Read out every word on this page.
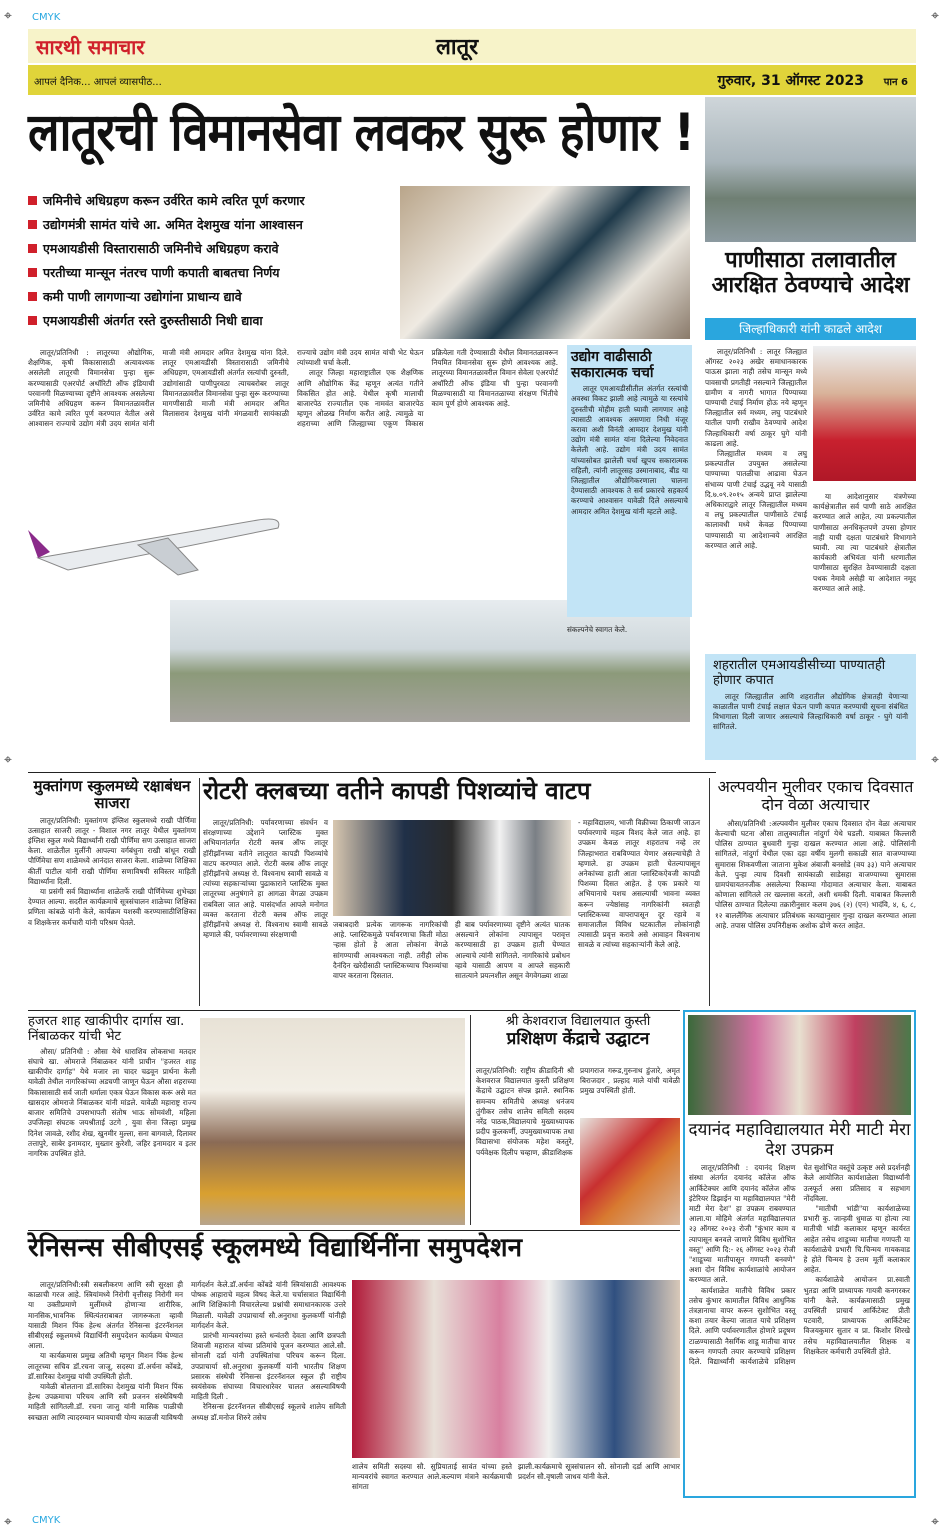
⌖ CMYK	⌖
⌖	⌖
⌖ CMYK	⌖
सारथी समाचार	लातूर
आपलं दैनिक... आपलं व्यासपीठ...	गुरुवार, 31 ऑगस्ट 2023 पान 6
लातूरची विमानसेवा लवकर सुरू होणार !
जमिनीचे अधिग्रहण करून उर्वरित कामे त्वरित पूर्ण करणार
उद्योगमंत्री सामंत यांचे आ. अमित देशमुख यांना आश्वासन
एमआयडीसी विस्तारासाठी जमिनीचे अधिग्रहण करावे
परतीच्या मान्सून नंतरच पाणी कपाती बाबतचा निर्णय
कमी पाणी लागणाऱ्या उद्योगांना प्राधान्य द्यावे
एमआयडीसी अंतर्गत रस्ते दुरुस्तीसाठी निधी द्यावा

लातूर/प्रतिनिधी : लातूरच्या औद्योगिक, शैक्षणिक, कृषी विकासासाठी अत्यावश्यक असलेली लातूरची विमानसेवा पुन्हा सुरू करण्यासाठी एअरपोर्ट अथॉरिटी ऑफ इंडियाची परवानगी मिळण्याच्या दृष्टीने आवश्यक असलेल्या जमिनीचे अधिग्रहण करून विमानतळावरील उर्वरित कामे त्वरित पूर्ण करण्यात येतील असे आश्वासन राज्याचे उद्योग मंत्री उदय सामंत यांनी माजी मंत्री आमदार अमित देशमुख यांना दिले. लातूर एमआयडीसी विस्तारासाठी जमिनीचे अधिग्रहण, एमआयडीसी अंतर्गत रस्त्यांची दुरुस्ती, उद्योगांसाठी पाणीपुरवठा त्याचबरोबर लातूर विमानतळावरील विमानसेवा पुन्हा सुरू करण्याच्या मागणीसाठी माजी मंत्री आमदार अमित विलासराव देशमुख यांनी मंगळवारी सायंकाळी राज्याचे उद्योग मंत्री उदय सामंत यांची भेट घेऊन त्यांच्याशी चर्चा केली.

लातूर जिल्हा महाराष्ट्रातील एक शैक्षणिक आणि औद्योगिक केंद्र म्हणून अत्यंत गतीने विकसित होत आहे. येथील कृषी मालाची बाजारपेठ राज्यातील एक नामवंत बाजारपेठ म्हणून ओळख निर्माण करीत आहे. त्यामुळे या शहराच्या आणि जिल्ह्याच्या एकूण विकास प्रक्रियेला गती देण्यासाठी येथील विमानतळावरून नियमित विमानसेवा सुरू होणे आवश्यक आहे. लातूरच्या विमानतळावरील विमान सेवेला एअरपोर्ट अथॉरिटी ऑफ इंडिया ची पुन्हा परवानगी मिळण्यासाठी या विमानतळाच्या संरक्षण भिंतीचे काम पूर्ण होणे आवश्यक आहे.

उद्योग वाढीसाठी सकारात्मक चर्चा

लातूर एमआयडीसीतील अंतर्गत रस्त्यांची अवस्था विकट झाली आहे त्यामुळे या रस्त्यांचे दुरुस्तीची मोहीम हाती घ्यावी लागणार आहे त्यासाठी आवश्यक असणारा निधी मंजूर करावा अशी विनंती आमदार देशमुख यांनी उद्योग मंत्री सामंत यांना दिलेल्या निवेदनात केलेली आहे. उद्योग मंत्री उदय सामंत यांच्यासोबत झालेली चर्चा खूपच सकारात्मक राहिली, त्यांनी लातूरसह उस्मानाबाद, बीड या जिल्ह्यातील औद्योगिकरणाला चालना देण्यासाठी आवश्यक ते सर्व प्रकारचे सहकार्य करण्याचे आश्वासन यावेळी दिले असल्याचे आमदार अमित देशमुख यांनी म्हटले आहे.

संकल्पनेचे स्वागत केले.

पाणीसाठा तलावातील आरक्षित ठेवण्याचे आदेश
जिल्हाधिकारी यांनी काढले आदेश

लातूर/प्रतिनिधी : लातूर जिल्ह्यात ऑगस्ट २०२३ अखेर समाधानकारक पाऊस झाला नाही तसेच मान्सून मध्ये पावसाची प्रगतीही नसल्याने जिल्ह्यातील ग्रामीण व नागरी भागात पिण्याच्या पाण्याची टंचाई निर्माण होऊ नये म्हणून जिल्ह्यातील सर्व मध्यम, लघु पाटबंधारे यातील पाणी राखीव ठेवण्याचे आदेश जिल्हाधिकारी वर्षा ठाकूर घुगे यांनी काढला आहे.

जिल्ह्यातील मध्यम व लघु प्रकल्पातील उपयुक्त असलेल्या पाण्याच्या पातळीचा आढावा घेऊन संभाव्य पाणी टंचाई उद्भवू नये यासाठी दि.७.०९.२०१५ अन्वये प्राप्त झालेल्या अधिकाराद्वारे लातूर जिल्ह्यातील मध्यम व लघु प्रकल्पातील पाणीसाठे टंचाई कालावधी मध्ये केवळ पिण्याच्या पाण्यासाठी या आदेशान्वये आरक्षित करण्यात आले आहे.

या आदेशानुसार यंत्रणेच्या कार्यक्षेत्रातील सर्व पाणी साठे आरक्षित करण्यात आले आहेत, त्या प्रकल्पातील पाणीसाठा अनधिकृतपणे उपसा होणार नाही याची दक्षता पाटबंधारे विभागाने घ्यावी. त्या त्या पाटबंधारे क्षेत्रातील कार्यकारी अभियंता यांनी धरणातील पाणीसाठा सुरक्षित ठेवण्यासाठी दक्षता पथक नेमावे असेही या आदेशात नमूद करण्यात आले आहे.

शहरातील एमआयडीसीच्या पाण्यातही होणार कपात

लातूर जिल्ह्यातील आणि शहरातील औद्योगिक क्षेत्रातही येणाऱ्या काळातील पाणी टंचाई लक्षात घेऊन पाणी कपात करण्याची सूचना संबंधित विभागाला दिली जाणार असल्याचे जिल्हाधिकारी वर्षा ठाकूर - घुगे यांनी सांगितले.

मुक्तांगण स्कुलमध्ये रक्षाबंधन साजरा

लातूर/प्रतिनिधी: मुक्तांगण इंग्लिश स्कुलमध्ये राखी पौर्णिमा उत्साहात साजरी लातूर - विशाल नगर लातूर येथील मुक्तांगण इंग्लिश स्कुल मध्ये विद्यार्थ्यांनी राखी पौर्णिमा सण उत्साहात साजरा केला. शाळेतील मुलींनी आपल्या वर्गबंधुना राखी बांधून राखी पौर्णिमेचा सण शाळेमध्ये आनंदात साजरा केला. शाळेच्या शिक्षिका कीर्ती पाटील यांनी राखी पौर्णिमा सणाविषयी सविस्तर माहिती विद्यार्थ्यांना दिली.

या प्रसंगी सर्व विद्यार्थ्यांना शाळेतर्फे राखी पौर्णिमेच्या शुभेच्छा देण्यात आल्या. सदरील कार्यक्रमाचे सूत्रसंचालन शाळेच्या शिक्षिका प्रणिता कांबळे यांनी केले, कार्यक्रम यशस्वी करण्यासाठीशिक्षिका व शिक्षकेत्तर कर्मचारी यांनी परिश्रम घेतले.

रोटरी क्लबच्या वतीने कापडी पिशव्यांचे वाटप

लातूर/प्रतिनिधी: पर्यावरणाच्या संवर्धन व संरक्षणाच्या उद्देशाने प्लास्टिक मुक्त अभियानांतर्गत रोटरी क्लब ऑफ लातूर हॉरीझॉनच्या वतीने लातूरात कापडी पिशव्यांचे वाटप करण्यात आले. रोटरी क्लब ऑफ लातूर हॉरीझॉनचे अध्यक्ष रो. विश्वनाथ स्वामी सावळे व त्यांच्या सहकाऱ्यांच्या पुढाकाराने प्लास्टिक मुक्त लातूरच्या अनुषंगाने हा आगळा वेगळा उपक्रम राबविला जात आहे. यासंदर्भात आपले मनोगत व्यक्त करताना रोटरी क्लब ऑफ लातूर हॉरीझॉनचे अध्यक्ष रो. विश्वनाथ स्वामी सावळे म्हणाले की, पर्यावरणाच्या संरक्षणाची

जबाबदारी प्रत्येक जागरूक नागरिकांची आहे. प्लास्टिकमुळे पर्यावरणाचा किती मोठा ऱ्हास होतो हे आता लोकांना वेगळे सांगण्याची आवश्यकता नाही. तरीही लोक दैनंदिन खरेदीसाठी प्लास्टिकच्याच पिशव्यांचा वापर करताना दिसतात.

ही बाब पर्यावरणाच्या दृष्टीने अत्यंत घातक असल्याने लोकांना त्यापासून परावृत्त करण्यासाठी हा उपक्रम हाती घेण्यात आल्याचे त्यांनी सांगितले. नागरिकांचे प्रबोधन व्हावे यासाठी आपण व आपले सहकारी सातत्याने प्रयत्नशील असून वेगवेगळ्या शाळा

- महाविद्यालय, भाजी विक्रीच्या ठिकाणी जाऊन पर्यावरणाचे महत्व विशद केले जात आहे. हा उपक्रम केवळ लातूर शहरातच नव्हे तर जिल्हाभरात राबविण्यात येणार असल्याचेही ते म्हणाले. हा उपक्रम हाती घेतल्यापासून अनेकांच्या हाती आता प्लास्टिकऐवजी कापडी पिशव्या दिसत आहेत. हे एक प्रकारे या अभियानाचे यशच असल्याची भावना व्यक्त करून ज्येष्ठांसह नागरिकांनी स्वतःही प्लास्टिकच्या वापरापासून दूर रहावे व समाजातील विविध घटकातील लोकांनाही त्यासाठी प्रवृत्त करावे असे आवाहन विश्वनाथ सावळे व त्यांच्या सहकाऱ्यांनी केले आहे.

अल्पवयीन मुलीवर एकाच दिवसात दोन वेळा अत्याचार

औसा/प्रतिनिधी :अल्पवयीन मुलीवर एकाच दिवसात दोन वेळा अत्याचार केल्याची घटना औसा तालुक्यातील नांदुर्गा येथे घडली. याबाबत किल्लारी पोलिस ठाण्यात बुधवारी गुन्हा दाखल करण्यात आला आहे. पोलिसांनी सांगितले, नांदुर्गा येथील एका दहा वर्षीय मुलगी सकाळी सात वाजण्याच्या सुमारास शिकवणीला जाताना मुकेश अंबाजी बनसोडे (वय ३३) याने अत्याचार केले. पुन्हा त्याच दिवशी सायंकाळी साडेसहा वाजण्याच्या सुमारास ग्रामपंचायतनजीक असलेल्या रिकाम्या गोदामात अत्याचार केला. याबाबत कोणाला सांगितले तर खल्लास करतो, अशी धमकी दिली. याबाबत किल्लारी पोलिस ठाण्यात दिलेल्या तक्रारीनुसार कलम ३७६ (२) (एन) भादंवि, ४, ६, ८, १२ बाललैंगिक अत्याचार प्रतिबंधक कायद्यानुसार गुन्हा दाखल करण्यात आला आहे. तपास पोलिस उपनिरीक्षक अशोक ढोणे करत आहेत.

हजरत शाह खाकीपीर दार्गास खा. निंबाळकर यांची भेट

औसा/ प्रतिनिधी : औसा येथे धाराशिव लोकसभा मतदार संघाचे खा. ओमराजे निंबाळकर यांनी प्राचीन "हजरत शाह खाकीपीर दार्गाह" येथे मजार ला चादर चढवून प्रार्थना केली यावेळी तेथील नागरिकांच्या अडचणी जाणून घेऊन औसा शहराच्या विकासासाठी सर्व जाती धर्माला एकत्र घेऊन विकास करू असे मत खासदार ओमराजे निंबाळकर यांनी मांडले. यावेळी महाराष्ट्र राज्य बाजार समितिचे उपसभापती संतोष भाऊ सोमवंशी, महिला उपजिल्हा संघटक जयश्रीताई उटगे , युवा सेना जिल्हा प्रमुख दिनेश जावळे, रशीद शेख, खुनमीर मुल्ला, सना बागवाले, दिलावर तत्तापुरे, साबेर इनामदार, मुख्तार कुरेशी, जहिर इनामदार व इतर नागरिक उपस्थित होते.

श्री केशवराज विद्यालयात कुस्ती
प्रशिक्षण केंद्राचे उद्घाटन

लातूर/प्रतिनिधी: राष्ट्रीय क्रीडादिनी श्री केशवराज विद्यालयात कुस्ती प्रशिक्षण केंद्राचे उद्घाटन संपन्न झाले. स्थानिक समन्वय समितीचे अध्यक्ष धनंजय तुंगीकर तसेच शालेय समिती सदस्य नरेंद्र पाठक,विद्यालयाचे मुख्याध्यापक प्रदीप कुलकर्णी, उपमुख्याध्यापक तथा विद्यासभा संयोजक महेश कस्तुरे, पर्यवेक्षक दिलीप चव्हाण, क्रीडाशिक्षक

प्रयागराज गरूड,गुरुनाथ डुंजारे, अमृत बिराजदार , प्रल्हाद माले यांची यावेळी प्रमुख उपस्थिती होती.

दयानंद महाविद्यालयात मेरी माटी मेरा देश उपक्रम

लातूर/प्रतिनिधी : दयानंद शिक्षण संस्था अंतर्गत दयानंद कॉलेज ऑफ आर्किटेक्चर आणि दयानंद कॉलेज ऑफ इंटेरियर डिझाईन या महाविद्यालयात "मेरी माटी मेरा देश" हा उपक्रम राबवण्यात आला.या मोहिमे अंतर्गत महाविद्यालयात २३ ऑगस्ट २०२३ रोजी "कुंभार काम व त्यापासून बनवले जाणारे विविध सुशोभित वस्तू" आणि दि:- २६ ऑगस्ट २०२३ रोजी "शाडूच्या मातीपासून गणपती बनवणे" अशा दोन विविध कार्यशाळांचे आयोजन करण्यात आले.

कार्यशाळेत मातीचे विविध प्रकार तसेच कुंभार कामातील विविध आधुनिक तंत्रज्ञानाचा वापर करून सुशोभित वस्तू कशा तयार केल्या जातात याचे प्रशिक्षण दिले. आणि पर्यावरणातील होणारे प्रदूषण टाळण्यासाठी नैसर्गिक शाडू मातीचा वापर करून गणपती तयार करण्याचे प्रशिक्षण दिले. विद्यार्थ्यांनी कार्यशाळेचे प्रशिक्षण घेत सुशोभित वस्तूंचे उत्कृष्ट असे प्रदर्शनही केले आयोजित कार्यशाळेला विद्यार्थ्यांनी उत्स्फूर्त असा प्रतिसाद व सहभाग नोंदविला.

"मातीची भांडी"या कार्यशाळेच्या प्रभारी कु. जान्हवी धुमाळ या होत्या त्या मातीची भांडी कलाकार म्हणून कार्यरत आहेत तसेच शाडूच्या मातीचा गणपती या कार्यशाळेचे प्रभारी चि.चिन्मय गायकवाड हे होते चिन्मय हे उत्तम मूर्ती कलाकार आहेत.

कार्यशाळेचे आयोजन प्रा.स्वाती भुतडा आणि प्राध्यापक गायत्री कनगरकर यांनी केले. कार्यक्रमासाठी प्रमुख उपस्थिती प्राचार्य आर्किटेक्ट प्रीती पटवारी, प्राध्यापक आर्किटेक्ट विजयकुमार सुतार व प्रा. किशोर शिरखे तसेच महाविद्यालयातील शिक्षक व शिक्षकेतर कर्मचारी उपस्थिती होते.

रेनिसन्स सीबीएसई स्कूलमध्ये विद्यार्थिनींना समुपदेशन

लातूर/प्रतिनिधी:स्त्री सबलीकरण आणि स्त्री सुरक्षा ही काळाची गरज आहे. स्त्रियांमध्ये निरोगी वृत्तीसह निरोगी मन या उक्तीप्रमाणे मुलींमध्ये होणाऱ्या शारीरिक, मानसिक,भावनिक स्थित्यंतराबाबत जागरूकता व्हावी यासाठी मिशन पिंक हेल्थ अंतर्गत रेनिसन्स इंटरनॅशनल सीबीएसई स्कूलमध्ये विद्यार्थिनी समुपदेशन कार्यक्रम घेण्यात आला.

या कार्यक्रमास प्रमुख अतिथी म्हणून मिशन पिंक हेल्थ लातूरच्या सचिव डॉ.रचना जाजू, सदस्या डॉ.अर्चना कोंबडे, डॉ.सारिका देशमुख यांची उपस्थिती होती.

यावेळी बोलताना डॉ.सारिका देशमुख यांनी मिशन पिंक हेल्थ उपक्रमाचा परिचय आणि स्त्री प्रजनन संस्थेविषयी माहिती सांगितली.डॉ. रचना जाजु यांनी मासिक पाळीची स्वच्छता आणि त्यादरम्यान घ्यावयाची योग्य काळजी याविषयी मार्गदर्शन केले.डॉ.अर्चना कोंबडे यांनी स्त्रियांसाठी आवश्यक पोषक आहाराचे महत्व विषद केले.या चर्चासत्रात विद्यार्थिनी आणि शिक्षिकांनी विचारलेल्या प्रश्नांची समाधानकारक उत्तरे मिळाली. यावेळी उपप्राचार्या सौ.अनुराधा कुलकर्णी यांनीही मार्गदर्शन केले.

प्रारंभी मान्यवरांच्या हस्ते धन्वंतरी देवता आणि छत्रपती शिवाजी महाराज यांच्या प्रतिमांचे पूजन करण्यात आले.सौ. सोनाली दर्डा यांनी उपस्थितांचा परिचय करून दिला. उपप्राचार्या सौ.अनुराधा कुलकर्णी यांनी भारतीय शिक्षण प्रसारक संस्थेची रेनिसन्स इंटरनॅशनल स्कूल ही राष्ट्रीय स्वयंसेवक संघाच्या विचारधारेवर चालत असल्याविषयी माहिती दिली .

रेनिसन्स इंटरनॅशनल सीबीएसई स्कूलचे शालेय समिती अध्यक्ष डॉ.मनोज शिरुरे तसेच

शालेय समिती सदस्या सौ. सुप्रियाताई सावंत यांच्या हस्ते मान्यवरांचे स्वागत करण्यात आले.कल्याण मंत्राने कार्यक्रमाची सांगता

झाली.कार्यक्रमाचे सूत्रसंचालन सौ. सोनाली दर्डा आणि आभार प्रदर्शन सौ.वृषाली जाधव यांनी केले.
